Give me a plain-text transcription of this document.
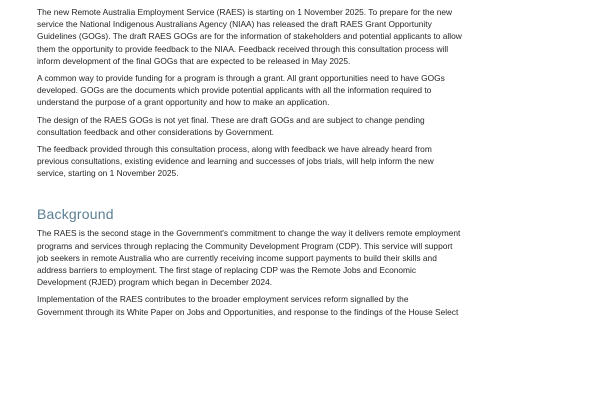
The new Remote Australia Employment Service (RAES) is starting on 1 November 2025. To prepare for the new
service the National Indigenous Australians Agency (NIAA) has released the draft RAES Grant Opportunity
Guidelines (GOGs). The draft RAES GOGs are for the information of stakeholders and potential applicants to allow
them the opportunity to provide feedback to the NIAA. Feedback received through this consultation process will
inform development of the final GOGs that are expected to be released in May 2025.
A common way to provide funding for a program is through a grant. All grant opportunities need to have GOGs
developed. GOGs are the documents which provide potential applicants with all the information required to
understand the purpose of a grant opportunity and how to make an application.
The design of the RAES GOGs is not yet final. These are draft GOGs and are subject to change pending
consultation feedback and other considerations by Government.
The feedback provided through this consultation process, along with feedback we have already heard from
previous consultations, existing evidence and learning and successes of jobs trials, will help inform the new
service, starting on 1 November 2025.
Background
The RAES is the second stage in the Government's commitment to change the way it delivers remote employment
programs and services through replacing the Community Development Program (CDP). This service will support
job seekers in remote Australia who are currently receiving income support payments to build their skills and
address barriers to employment. The first stage of replacing CDP was the Remote Jobs and Economic
Development (RJED) program which began in December 2024.
Implementation of the RAES contributes to the broader employment services reform signalled by the
Government through its White Paper on Jobs and Opportunities, and response to the findings of the House Select
